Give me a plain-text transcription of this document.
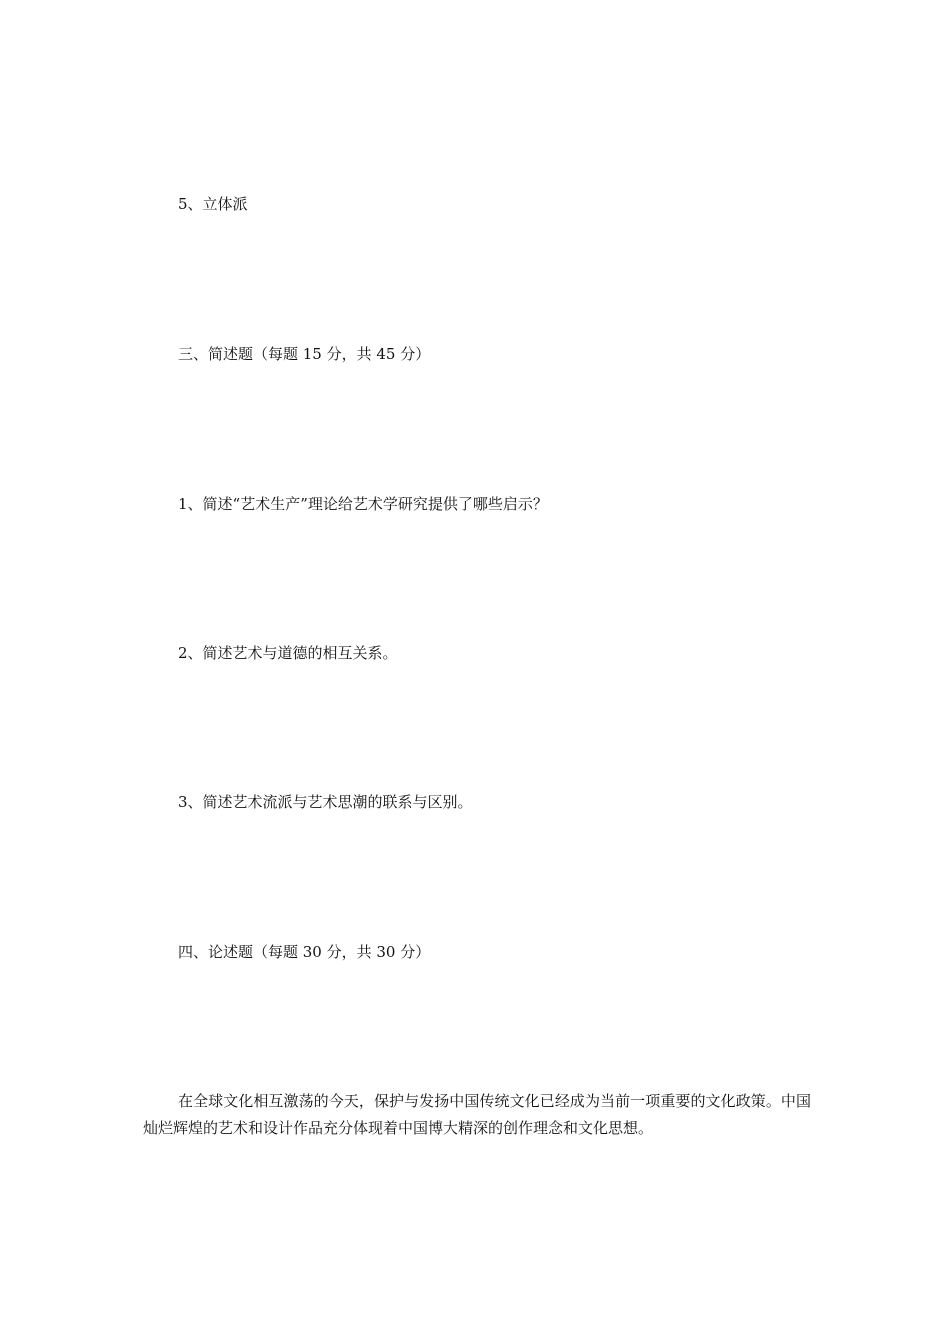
5、立体派
三、简述题（每题 15 分，共 45 分）
1、简述“艺术生产”理论给艺术学研究提供了哪些启示？
2、简述艺术与道德的相互关系。
3、简述艺术流派与艺术思潮的联系与区别。
四、论述题（每题 30 分，共 30 分）
在全球文化相互激荡的今天，保护与发扬中国传统文化已经成为当前一项重要的文化政策。中国灿烂辉煌的艺术和设计作品充分体现着中国博大精深的创作理念和文化思想。
